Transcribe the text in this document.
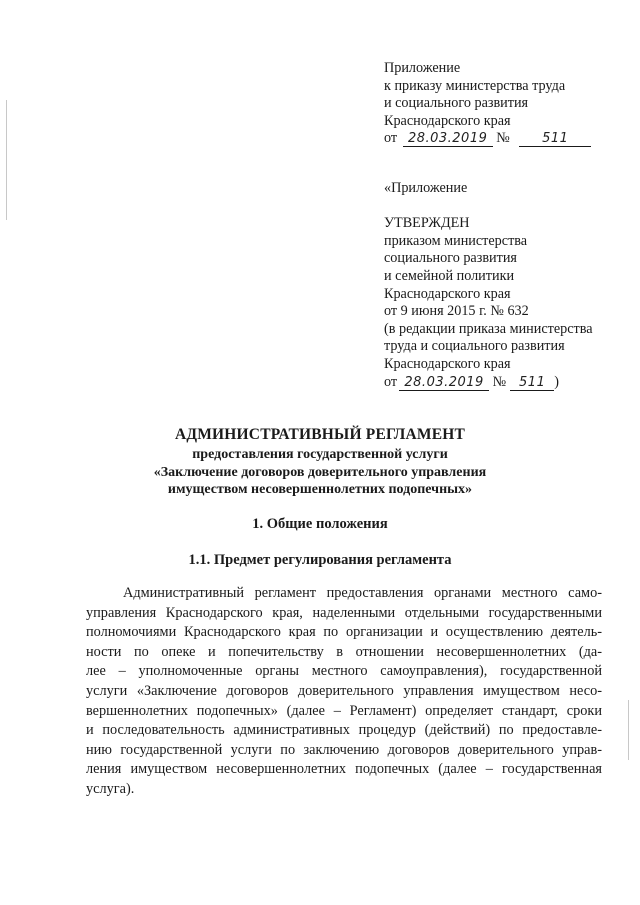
Приложение
к приказу министерства труда
и социального развития
Краснодарского края
от 28.03.2019 № 511
«Приложение
УТВЕРЖДЕН
приказом министерства
социального развития
и семейной политики
Краснодарского края
от 9 июня 2015 г. № 632
(в редакции приказа министерства
труда и социального развития
Краснодарского края
от 28.03.2019 № 511 )
АДМИНИСТРАТИВНЫЙ РЕГЛАМЕНТ
предоставления государственной услуги
«Заключение договоров доверительного управления
имуществом несовершеннолетних подопечных»
1. Общие положения
1.1. Предмет регулирования регламента
Административный регламент предоставления органами местного само-
управления Краснодарского края, наделенными отдельными государственными
полномочиями Краснодарского края по организации и осуществлению деятель-
ности по опеке и попечительству в отношении несовершеннолетних (да-
лее – уполномоченные органы местного самоуправления), государственной
услуги «Заключение договоров доверительного управления имуществом несо-
вершеннолетних подопечных» (далее – Регламент) определяет стандарт, сроки
и последовательность административных процедур (действий) по предоставле-
нию государственной услуги по заключению договоров доверительного управ-
ления имуществом несовершеннолетних подопечных (далее – государственная
услуга).
